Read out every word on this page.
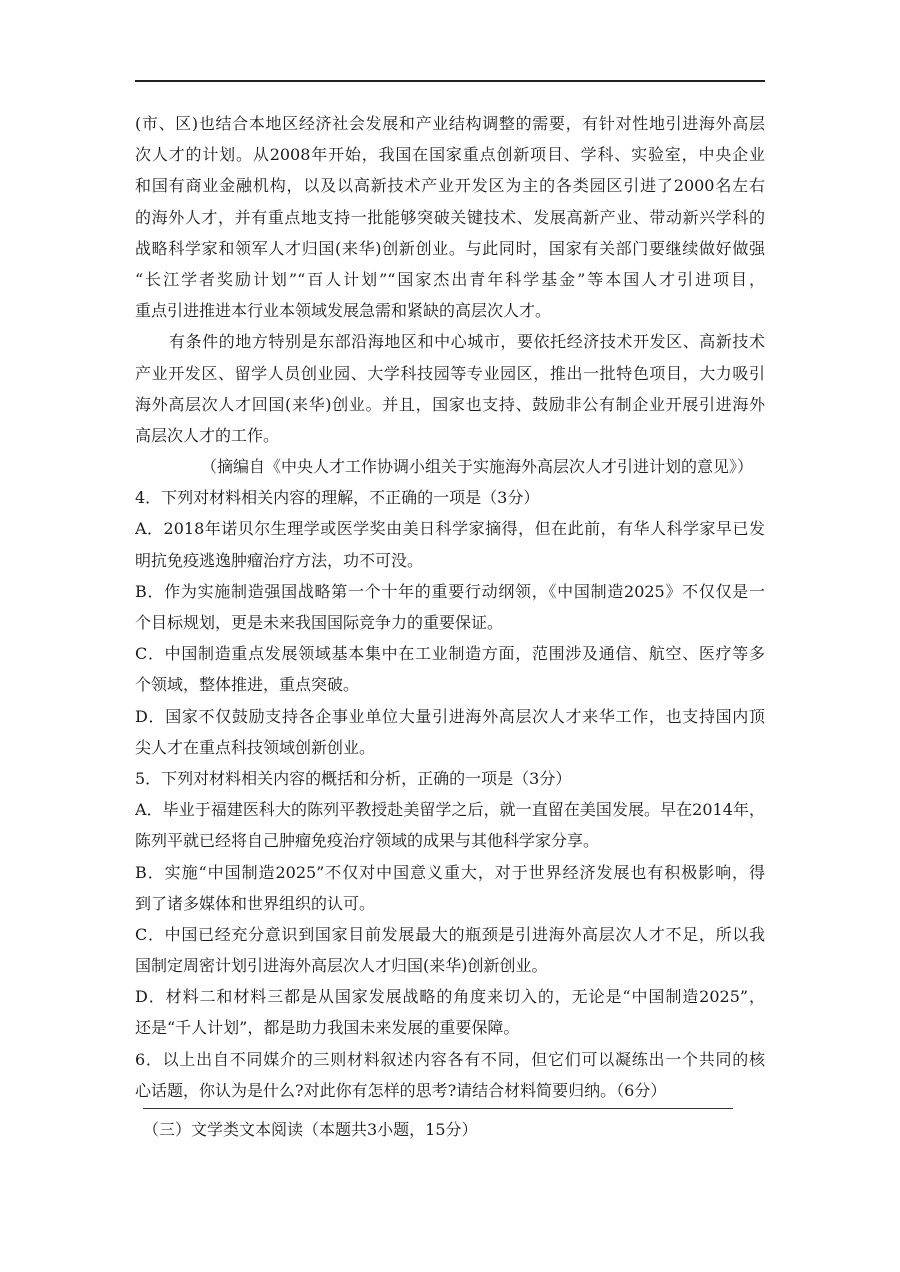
(市、区)也结合本地区经济社会发展和产业结构调整的需要，有针对性地引进海外高层
次人才的计划。从2008年开始，我国在国家重点创新项目、学科、实验室，中央企业
和国有商业金融机构，以及以高新技术产业开发区为主的各类园区引进了2000名左右
的海外人才，并有重点地支持一批能够突破关键技术、发展高新产业、带动新兴学科的
战略科学家和领军人才归国(来华)创新创业。与此同时，国家有关部门要继续做好做强
“长江学者奖励计划”“百人计划”“国家杰出青年科学基金”等本国人才引进项目，
重点引进推进本行业本领域发展急需和紧缺的高层次人才。
有条件的地方特别是东部沿海地区和中心城市，要依托经济技术开发区、高新技术
产业开发区、留学人员创业园、大学科技园等专业园区，推出一批特色项目，大力吸引
海外高层次人才回国(来华)创业。并且，国家也支持、鼓励非公有制企业开展引进海外
高层次人才的工作。
（摘编自《中央人才工作协调小组关于实施海外高层次人才引进计划的意见》）
4．下列对材料相关内容的理解，不正确的一项是（3分）
A．2018年诺贝尔生理学或医学奖由美日科学家摘得，但在此前，有华人科学家早已发
明抗免疫逃逸肿瘤治疗方法，功不可没。
B．作为实施制造强国战略第一个十年的重要行动纲领，《中国制造2025》不仅仅是一
个目标规划，更是未来我国国际竞争力的重要保证。
C．中国制造重点发展领域基本集中在工业制造方面，范围涉及通信、航空、医疗等多
个领域，整体推进，重点突破。
D．国家不仅鼓励支持各企事业单位大量引进海外高层次人才来华工作，也支持国内顶
尖人才在重点科技领域创新创业。
5．下列对材料相关内容的概括和分析，正确的一项是（3分）
A．毕业于福建医科大的陈列平教授赴美留学之后，就一直留在美国发展。早在2014年，
陈列平就已经将自己肿瘤免疫治疗领域的成果与其他科学家分享。
B．实施“中国制造2025”不仅对中国意义重大，对于世界经济发展也有积极影响，得
到了诸多媒体和世界组织的认可。
C．中国已经充分意识到国家目前发展最大的瓶颈是引进海外高层次人才不足，所以我
国制定周密计划引进海外高层次人才归国(来华)创新创业。
D．材料二和材料三都是从国家发展战略的角度来切入的，无论是“中国制造2025”，
还是“千人计划”，都是助力我国未来发展的重要保障。
6．以上出自不同媒介的三则材料叙述内容各有不同，但它们可以凝练出一个共同的核
心话题，你认为是什么?对此你有怎样的思考?请结合材料简要归纳。（6分）
（三）文学类文本阅读（本题共3小题，15分）
